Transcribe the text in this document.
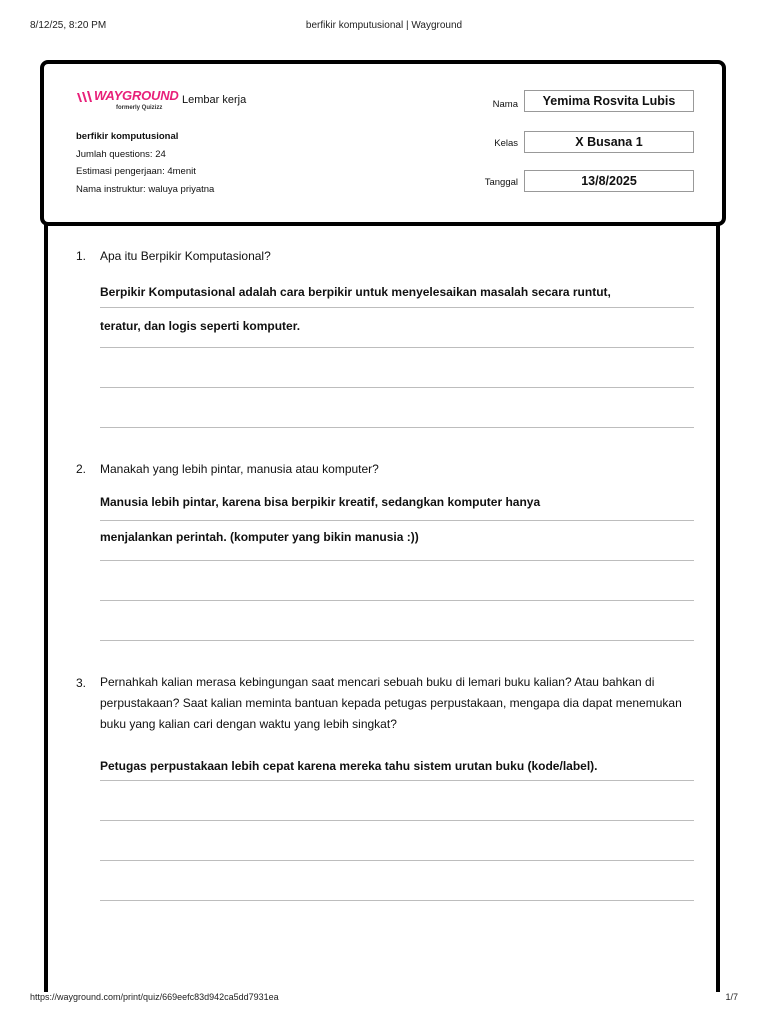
8/12/25, 8:20 PM	berfikir komputusional | Wayground
WAYGROUND
formerly Quizizz
Lembar kerja
berfikir komputusional
Jumlah questions: 24
Estimasi pengerjaan: 4menit
Nama instruktur: waluya priyatna
Nama	Yemima Rosvita Lubis
Kelas	X Busana 1
Tanggal	13/8/2025
1. Apa itu Berpikir Komputasional?
Berpikir Komputasional adalah cara berpikir untuk menyelesaikan masalah secara runtut,
teratur, dan logis seperti komputer.
2. Manakah yang lebih pintar, manusia atau komputer?
Manusia lebih pintar, karena bisa berpikir kreatif, sedangkan komputer hanya
menjalankan perintah. (komputer yang bikin manusia :))
3. Pernahkah kalian merasa kebingungan saat mencari sebuah buku di lemari buku kalian? Atau bahkan di perpustakaan? Saat kalian meminta bantuan kepada petugas perpustakaan, mengapa dia dapat menemukan buku yang kalian cari dengan waktu yang lebih singkat?
Petugas perpustakaan lebih cepat karena mereka tahu sistem urutan buku (kode/label).
https://wayground.com/print/quiz/669eefc83d942ca5dd7931ea	1/7
